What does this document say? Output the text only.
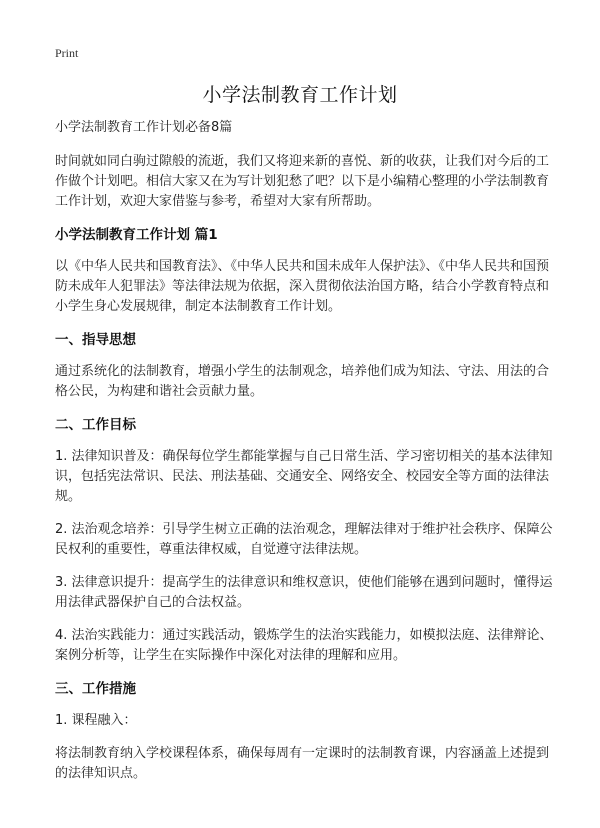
Print
小学法制教育工作计划

小学法制教育工作计划必备8篇

时间就如同白驹过隙般的流逝，我们又将迎来新的喜悦、新的收获，让我们对今后的工作做个计划吧。相信大家又在为写计划犯愁了吧？以下是小编精心整理的小学法制教育工作计划，欢迎大家借鉴与参考，希望对大家有所帮助。

小学法制教育工作计划 篇1

以《中华人民共和国教育法》、《中华人民共和国未成年人保护法》、《中华人民共和国预防未成年人犯罪法》等法律法规为依据，深入贯彻依法治国方略，结合小学教育特点和小学生身心发展规律，制定本法制教育工作计划。

一、指导思想

通过系统化的法制教育，增强小学生的法制观念，培养他们成为知法、守法、用法的合格公民，为构建和谐社会贡献力量。

二、工作目标

1. 法律知识普及：确保每位学生都能掌握与自己日常生活、学习密切相关的基本法律知识，包括宪法常识、民法、刑法基础、交通安全、网络安全、校园安全等方面的法律法规。

2. 法治观念培养：引导学生树立正确的法治观念，理解法律对于维护社会秩序、保障公民权利的重要性，尊重法律权威，自觉遵守法律法规。

3. 法律意识提升：提高学生的法律意识和维权意识，使他们能够在遇到问题时，懂得运用法律武器保护自己的合法权益。

4. 法治实践能力：通过实践活动，锻炼学生的法治实践能力，如模拟法庭、法律辩论、案例分析等，让学生在实际操作中深化对法律的理解和应用。

三、工作措施

1. 课程融入：

将法制教育纳入学校课程体系，确保每周有一定课时的法制教育课，内容涵盖上述提到的法律知识点。
